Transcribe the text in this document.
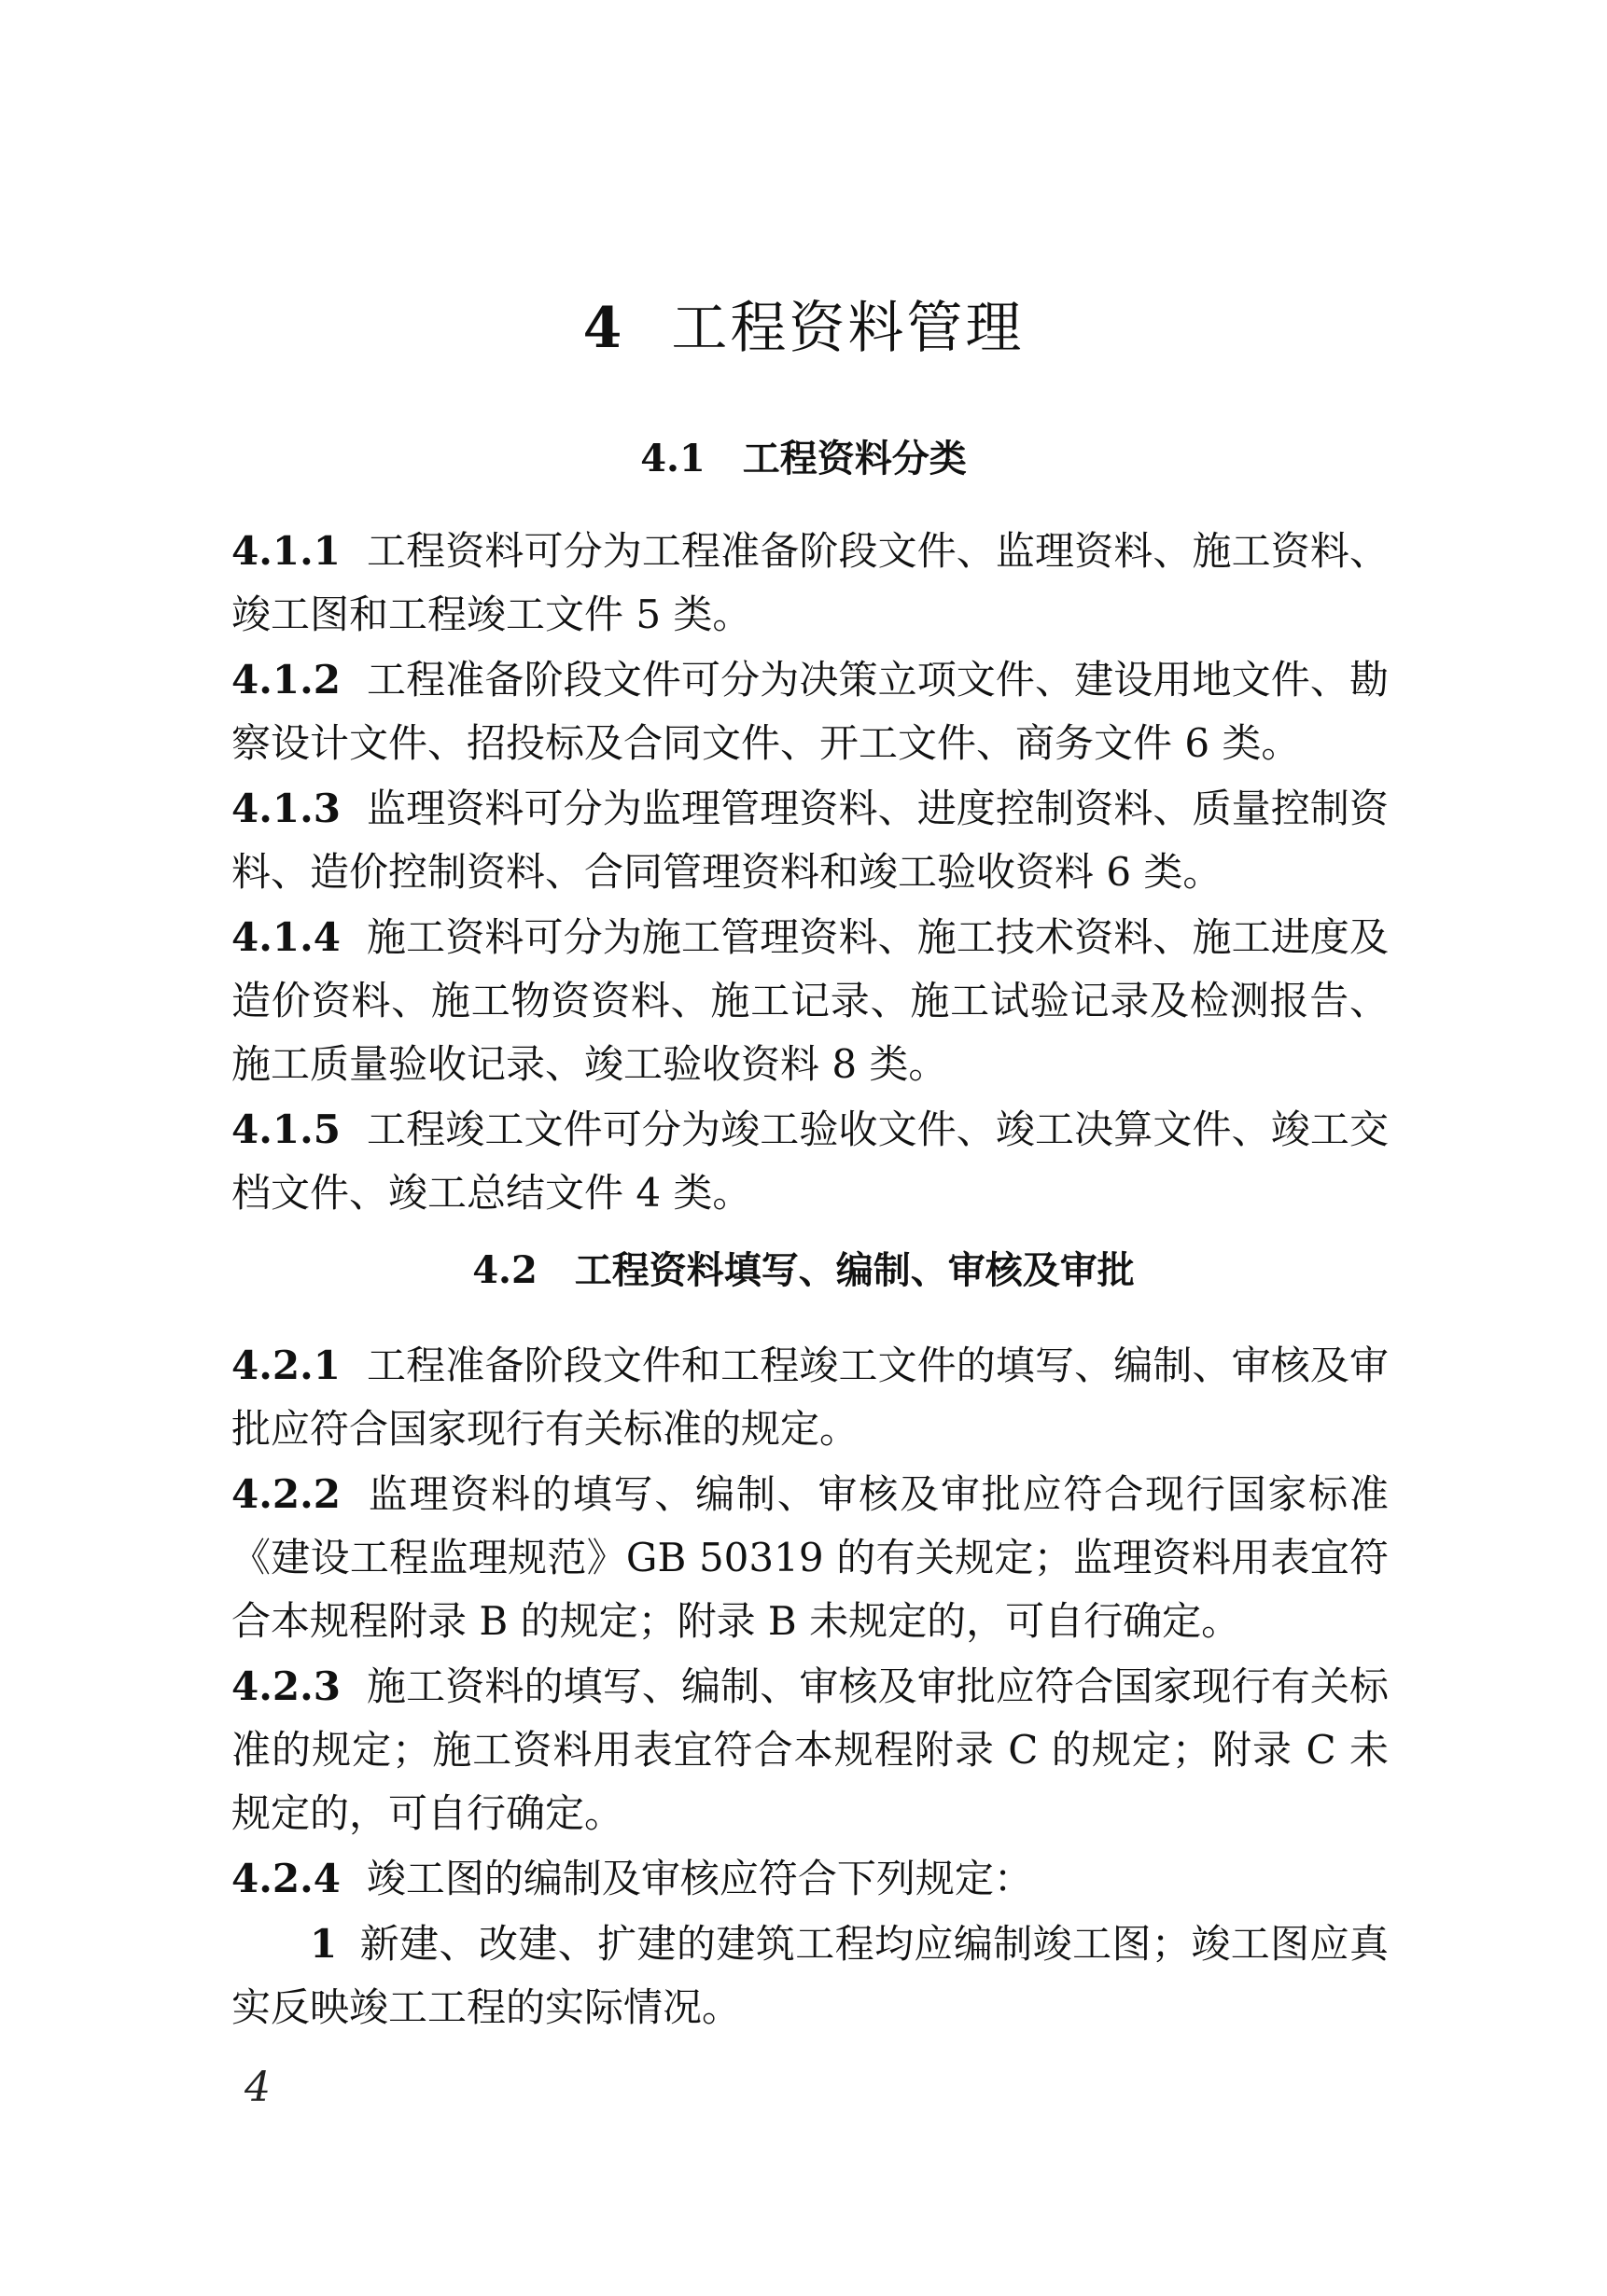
4 工程资料管理
4.1 工程资料分类

4.1.1 工程资料可分为工程准备阶段文件、监理资料、施工资料、竣工图和工程竣工文件 5 类。

4.1.2 工程准备阶段文件可分为决策立项文件、建设用地文件、勘察设计文件、招投标及合同文件、开工文件、商务文件 6 类。

4.1.3 监理资料可分为监理管理资料、进度控制资料、质量控制资料、造价控制资料、合同管理资料和竣工验收资料 6 类。

4.1.4 施工资料可分为施工管理资料、施工技术资料、施工进度及造价资料、施工物资资料、施工记录、施工试验记录及检测报告、施工质量验收记录、竣工验收资料 8 类。

4.1.5 工程竣工文件可分为竣工验收文件、竣工决算文件、竣工交档文件、竣工总结文件 4 类。

4.2 工程资料填写、编制、审核及审批

4.2.1 工程准备阶段文件和工程竣工文件的填写、编制、审核及审批应符合国家现行有关标准的规定。

4.2.2 监理资料的填写、编制、审核及审批应符合现行国家标准《建设工程监理规范》GB 50319 的有关规定；监理资料用表宜符合本规程附录 B 的规定；附录 B 未规定的，可自行确定。

4.2.3 施工资料的填写、编制、审核及审批应符合国家现行有关标准的规定；施工资料用表宜符合本规程附录 C 的规定；附录 C 未规定的，可自行确定。

4.2.4 竣工图的编制及审核应符合下列规定：

1 新建、改建、扩建的建筑工程均应编制竣工图；竣工图应真实反映竣工工程的实际情况。

4
